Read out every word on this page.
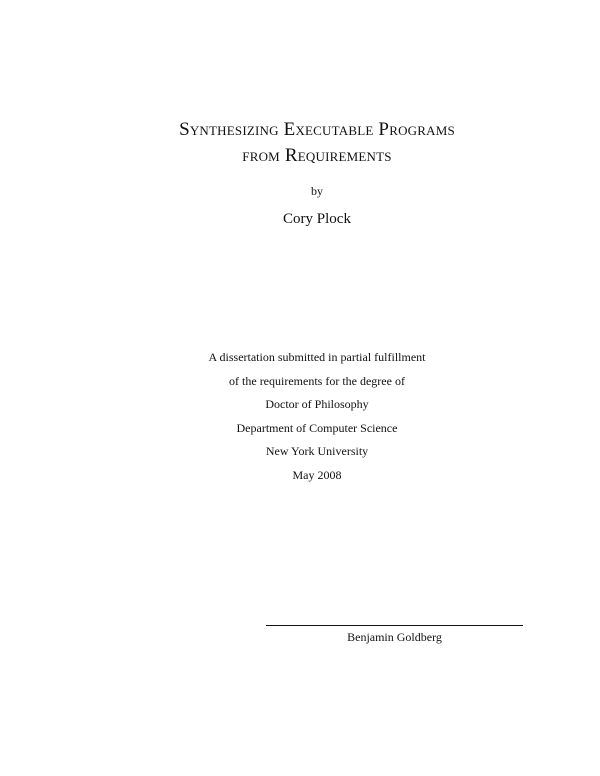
Synthesizing Executable Programs
from Requirements
by
Cory Plock
A dissertation submitted in partial fulfillment
of the requirements for the degree of
Doctor of Philosophy
Department of Computer Science
New York University
May 2008
Benjamin Goldberg
